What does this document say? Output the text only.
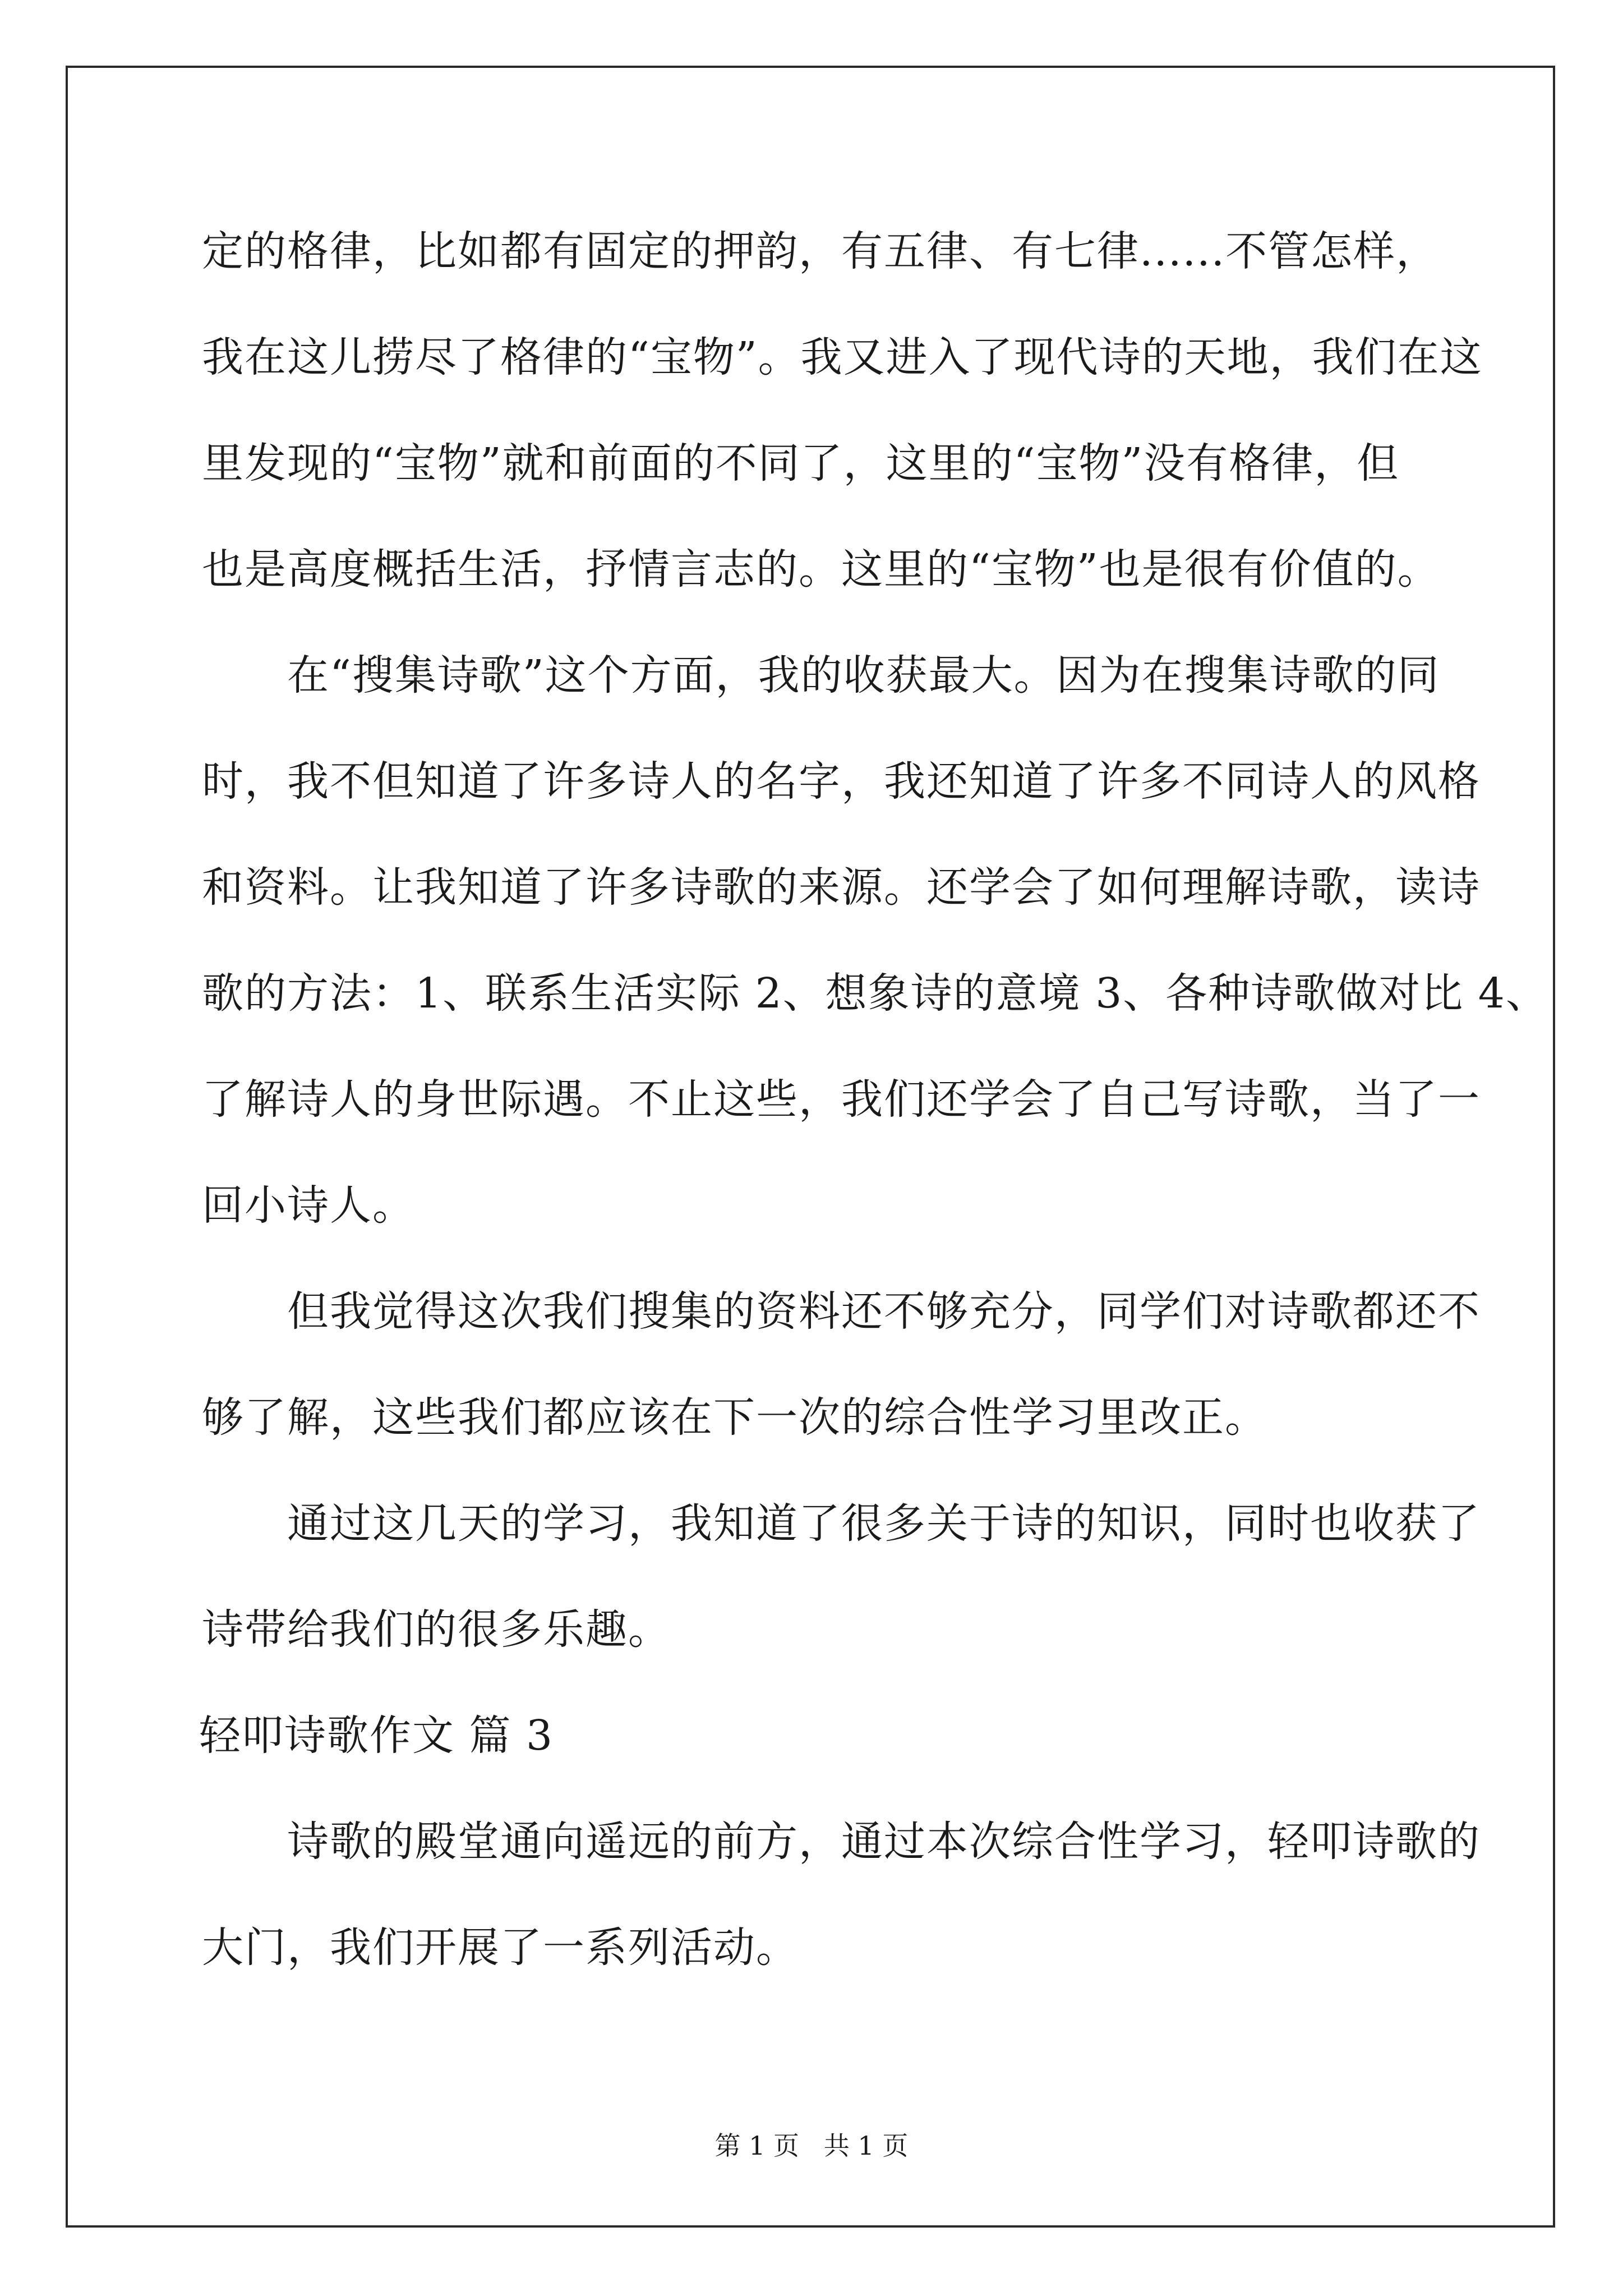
定的格律，比如都有固定的押韵，有五律、有七律......不管怎样，
我在这儿捞尽了格律的“宝物”。我又进入了现代诗的天地，我们在这
里发现的“宝物”就和前面的不同了，这里的“宝物”没有格律，但
也是高度概括生活，抒情言志的。这里的“宝物”也是很有价值的。
　　在“搜集诗歌”这个方面，我的收获最大。因为在搜集诗歌的同
时，我不但知道了许多诗人的名字，我还知道了许多不同诗人的风格
和资料。让我知道了许多诗歌的来源。还学会了如何理解诗歌，读诗
歌的方法：1、联系生活实际 2、想象诗的意境 3、各种诗歌做对比 4、
了解诗人的身世际遇。不止这些，我们还学会了自己写诗歌，当了一
回小诗人。
　　但我觉得这次我们搜集的资料还不够充分，同学们对诗歌都还不
够了解，这些我们都应该在下一次的综合性学习里改正。
　　通过这几天的学习，我知道了很多关于诗的知识，同时也收获了
诗带给我们的很多乐趣。
轻叩诗歌作文 篇 3
　　诗歌的殿堂通向遥远的前方，通过本次综合性学习，轻叩诗歌的
大门，我们开展了一系列活动。
第 1 页   共 1 页
